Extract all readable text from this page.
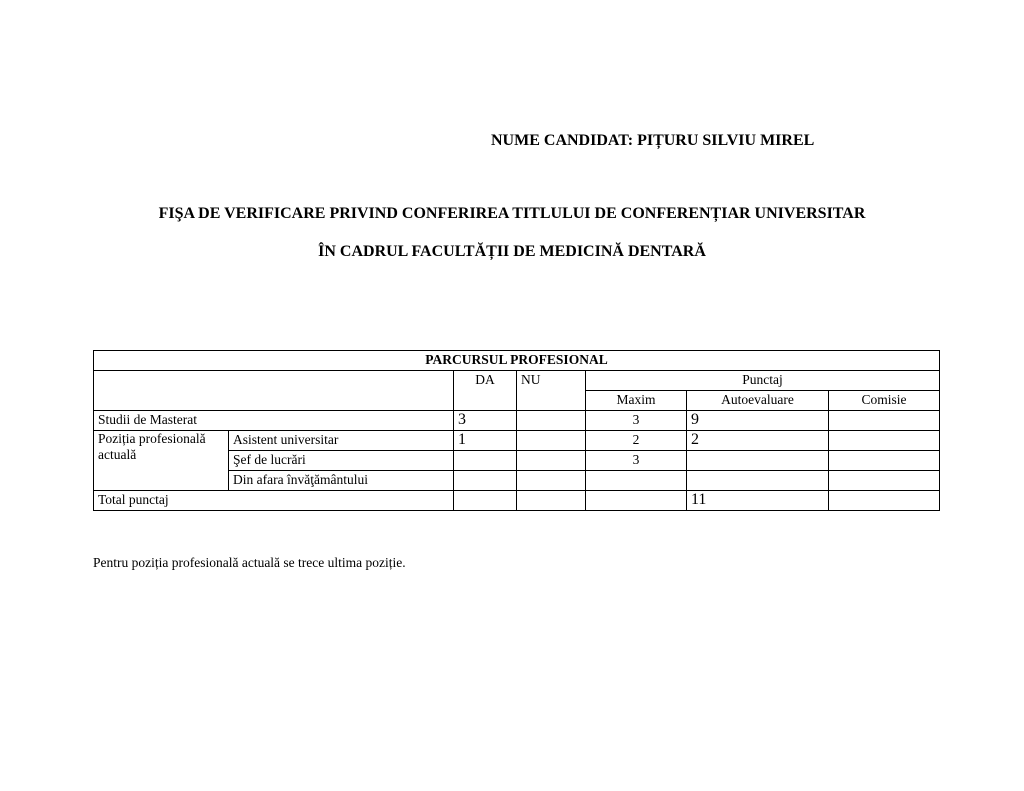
NUME CANDIDAT: PIȚURU SILVIU MIREL
FIŞA DE VERIFICARE PRIVIND CONFERIREA TITLULUI DE CONFERENȚIAR UNIVERSITAR
ÎN CADRUL FACULTĂȚII DE MEDICINĂ DENTARĂ
PARCURSUL PROFESIONAL						
		DA	NU	Punctaj		
				Maxim	Autoevaluare	Comisie
Studii de Masterat		3		3	9	
Poziția profesională actuală	Asistent universitar	1		2	2	
	Şef de lucrări			3		
	Din afara învăţământului					
Total punctaj					11	
Pentru poziția profesională actuală se trece ultima poziție.
